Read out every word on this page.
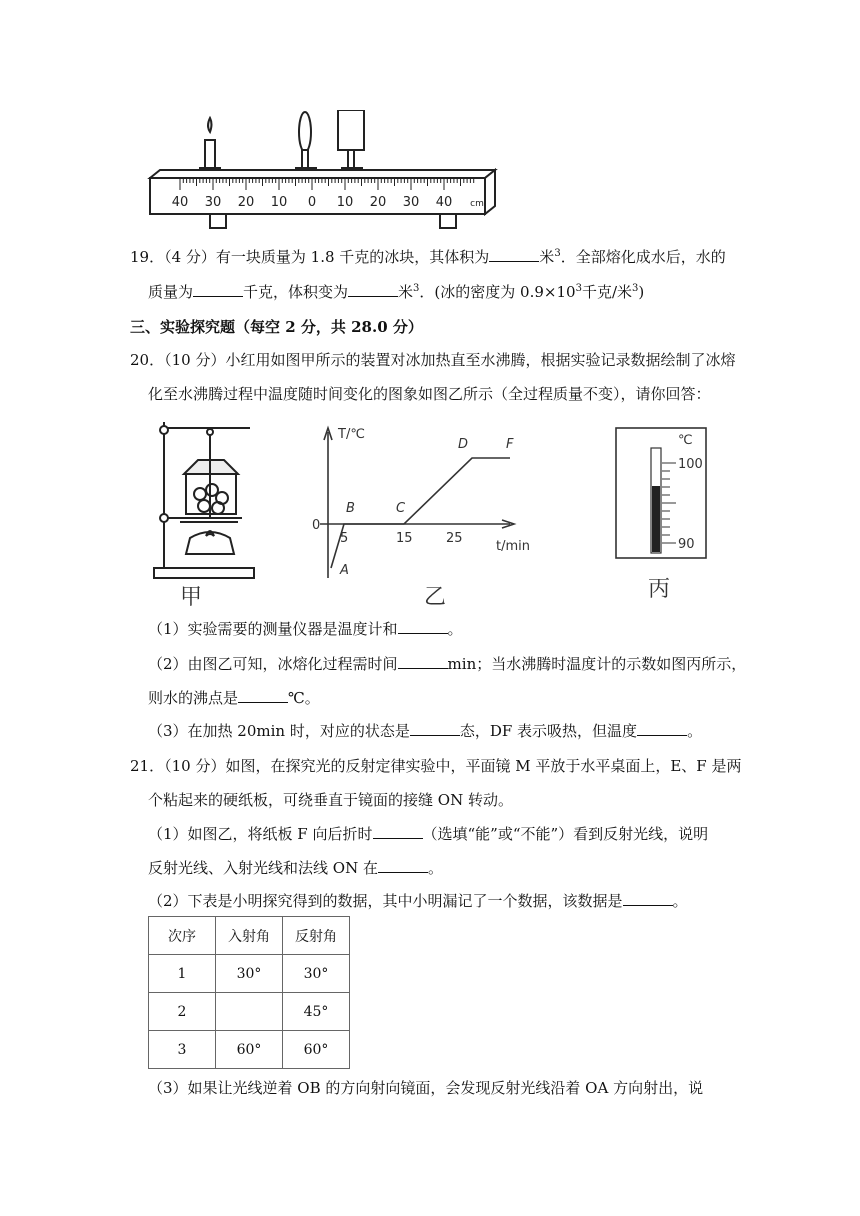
40 30 20 10 0 10 20 30 40 cm
19．（4 分）有一块质量为 1.8 千克的冰块，其体积为	米$^3$．全部熔化成水后，水的
质量为	千克，体积变为	米$^3$．(冰的密度为 $0.9\times 10^3$千克/米$^3$)
三、实验探究题（每空 2 分，共 28.0 分）
20．（10 分）小红用如图甲所示的装置对冰加热直至水沸腾，根据实验记录数据绘制了冰熔
化至水沸腾过程中温度随时间变化的图象如图乙所示（全过程质量不变），请你回答：
甲
T/℃
t/min
0
5	15	25
A
B	C
D	F
乙
℃
100
90
丙
（1）实验需要的测量仪器是温度计和	。
（2）由图乙可知，冰熔化过程需时间	min；当水沸腾时温度计的示数如图丙所示，
则水的沸点是	℃。
（3）在加热 20min 时，对应的状态是	态，DF 表示吸热，但温度	。
21．（10 分）如图，在探究光的反射定律实验中，平面镜 M 平放于水平桌面上，E、F 是两
个粘起来的硬纸板，可绕垂直于镜面的接缝 ON 转动。
（1）如图乙，将纸板 F 向后折时	（选填“能”或“不能”）看到反射光线，说明
反射光线、入射光线和法线 ON 在	。
（2）下表是小明探究得到的数据，其中小明漏记了一个数据，该数据是	。
次序	入射角	反射角
1	30°	30°
2		45°
3	60°	60°
（3）如果让光线逆着 OB 的方向射向镜面，会发现反射光线沿着 OA 方向射出，说
